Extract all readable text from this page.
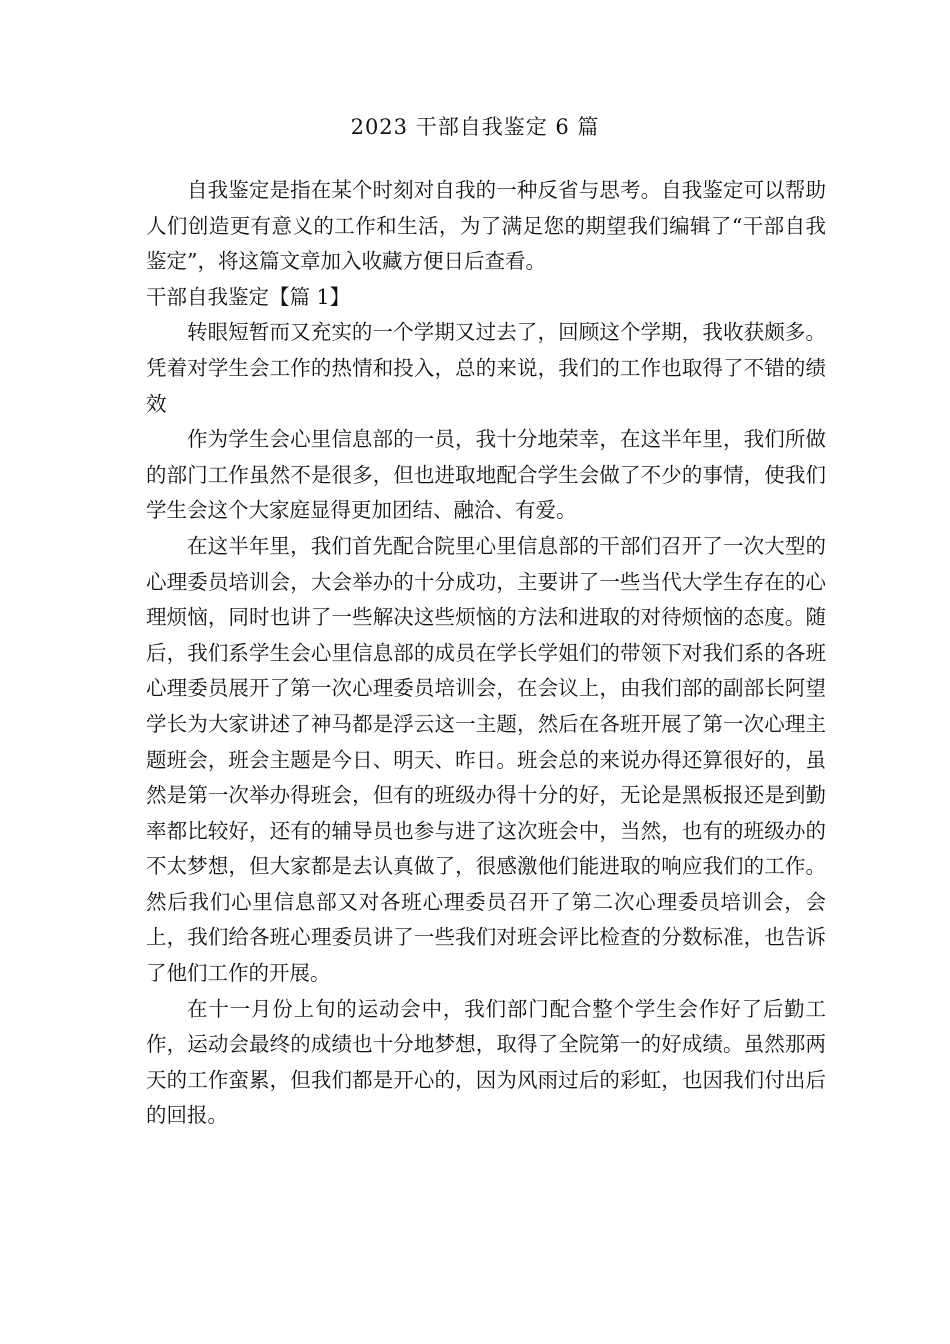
2023 干部自我鉴定 6 篇

自我鉴定是指在某个时刻对自我的一种反省与思考。自我鉴定可以帮助人们创造更有意义的工作和生活，为了满足您的期望我们编辑了“干部自我鉴定”，将这篇文章加入收藏方便日后查看。

干部自我鉴定【篇 1】

转眼短暂而又充实的一个学期又过去了，回顾这个学期，我收获颇多。凭着对学生会工作的热情和投入，总的来说，我们的工作也取得了不错的绩效

作为学生会心里信息部的一员，我十分地荣幸，在这半年里，我们所做的部门工作虽然不是很多，但也进取地配合学生会做了不少的事情，使我们学生会这个大家庭显得更加团结、融洽、有爱。

在这半年里，我们首先配合院里心里信息部的干部们召开了一次大型的心理委员培训会，大会举办的十分成功，主要讲了一些当代大学生存在的心理烦恼，同时也讲了一些解决这些烦恼的方法和进取的对待烦恼的态度。随后，我们系学生会心里信息部的成员在学长学姐们的带领下对我们系的各班心理委员展开了第一次心理委员培训会，在会议上，由我们部的副部长阿望学长为大家讲述了神马都是浮云这一主题，然后在各班开展了第一次心理主题班会，班会主题是今日、明天、昨日。班会总的来说办得还算很好的，虽然是第一次举办得班会，但有的班级办得十分的好，无论是黑板报还是到勤率都比较好，还有的辅导员也参与进了这次班会中，当然，也有的班级办的不太梦想，但大家都是去认真做了，很感激他们能进取的响应我们的工作。然后我们心里信息部又对各班心理委员召开了第二次心理委员培训会，会上，我们给各班心理委员讲了一些我们对班会评比检查的分数标准，也告诉了他们工作的开展。

在十一月份上旬的运动会中，我们部门配合整个学生会作好了后勤工作，运动会最终的成绩也十分地梦想，取得了全院第一的好成绩。虽然那两天的工作蛮累，但我们都是开心的，因为风雨过后的彩虹，也因我们付出后的回报。
